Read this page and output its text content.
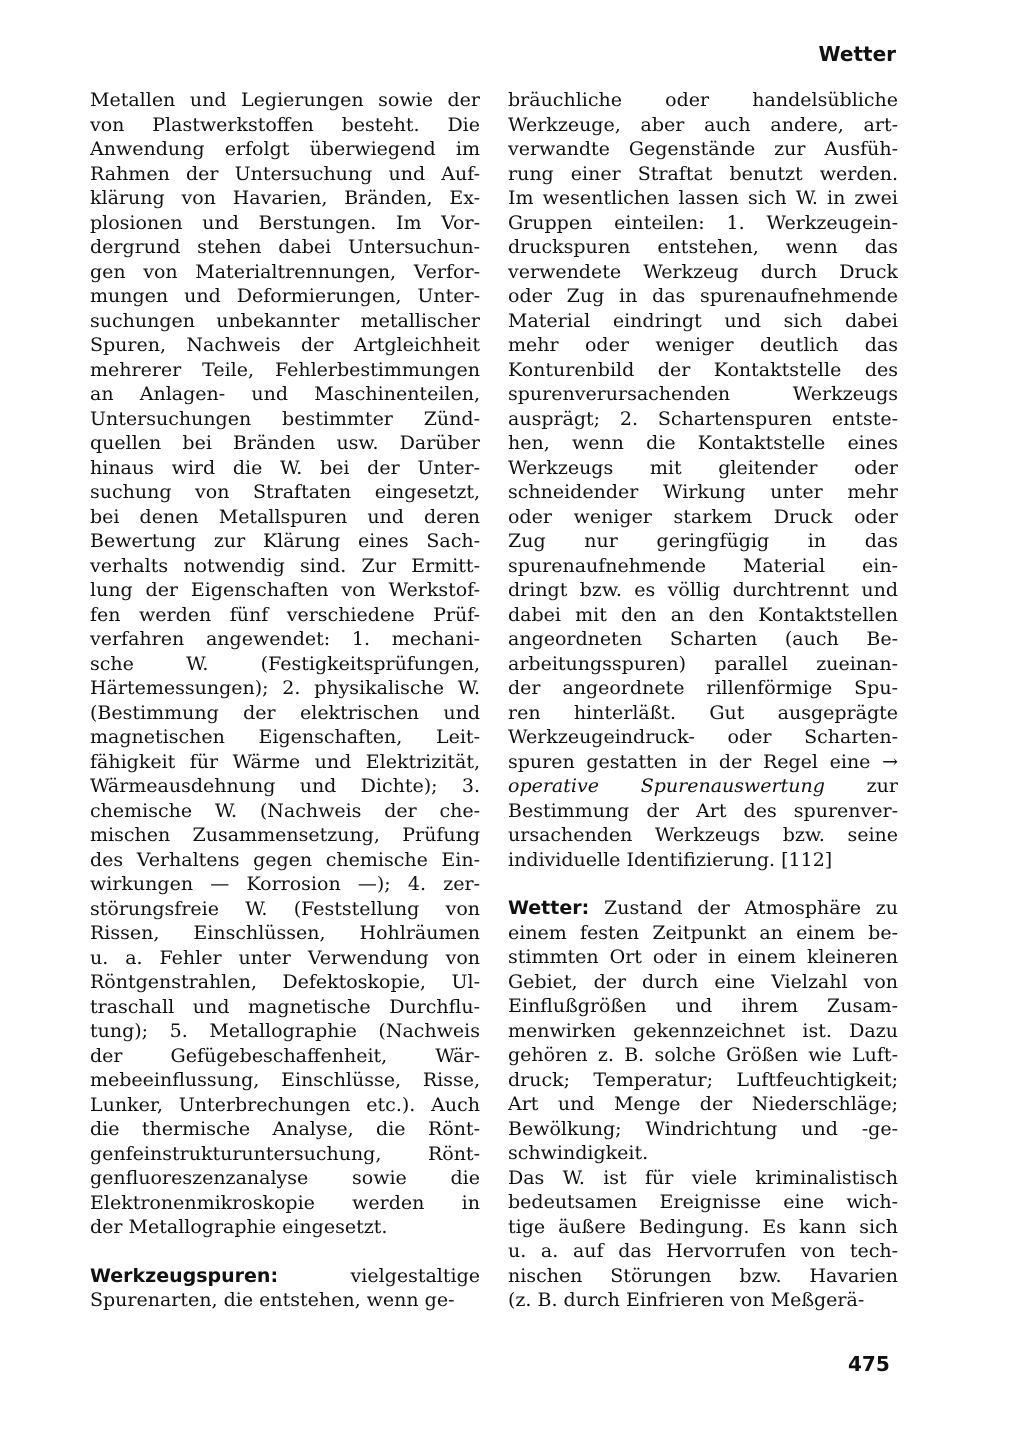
Wetter
Metallen und Legierungen sowie der
von Plastwerkstoffen besteht. Die
Anwendung erfolgt überwiegend im
Rahmen der Untersuchung und Auf-
klärung von Havarien, Bränden, Ex-
plosionen und Berstungen. Im Vor-
dergrund stehen dabei Untersuchun-
gen von Materialtrennungen, Verfor-
mungen und Deformierungen, Unter-
suchungen unbekannter metallischer
Spuren, Nachweis der Artgleichheit
mehrerer Teile, Fehlerbestimmungen
an Anlagen- und Maschinenteilen,
Untersuchungen bestimmter Zünd-
quellen bei Bränden usw. Darüber
hinaus wird die W. bei der Unter-
suchung von Straftaten eingesetzt,
bei denen Metallspuren und deren
Bewertung zur Klärung eines Sach-
verhalts notwendig sind. Zur Ermitt-
lung der Eigenschaften von Werkstof-
fen werden fünf verschiedene Prüf-
verfahren angewendet: 1. mechani-
sche W. (Festigkeitsprüfungen,
Härtemessungen); 2. physikalische W.
(Bestimmung der elektrischen und
magnetischen Eigenschaften, Leit-
fähigkeit für Wärme und Elektrizität,
Wärmeausdehnung und Dichte); 3.
chemische W. (Nachweis der che-
mischen Zusammensetzung, Prüfung
des Verhaltens gegen chemische Ein-
wirkungen — Korrosion —); 4. zer-
störungsfreie W. (Feststellung von
Rissen, Einschlüssen, Hohlräumen
u. a. Fehler unter Verwendung von
Röntgenstrahlen, Defektoskopie, Ul-
traschall und magnetische Durchflu-
tung); 5. Metallographie (Nachweis
der Gefügebeschaffenheit, Wär-
mebeeinflussung, Einschlüsse, Risse,
Lunker, Unterbrechungen etc.). Auch
die thermische Analyse, die Rönt-
genfeinstrukturuntersuchung, Rönt-
genfluoreszenzanalyse sowie die
Elektronenmikroskopie werden in
der Metallographie eingesetzt.
Werkzeugspuren:	vielgestaltige
Spurenarten, die entstehen, wenn ge-
bräuchliche oder handelsübliche
Werkzeuge, aber auch andere, art-
verwandte Gegenstände zur Ausfüh-
rung einer Straftat benutzt werden.
Im wesentlichen lassen sich W. in zwei
Gruppen einteilen: 1. Werkzeugein-
druckspuren entstehen, wenn das
verwendete Werkzeug durch Druck
oder Zug in das spurenaufnehmende
Material eindringt und sich dabei
mehr oder weniger deutlich das
Konturenbild der Kontaktstelle des
spurenverursachenden Werkzeugs
ausprägt; 2. Schartenspuren entste-
hen, wenn die Kontaktstelle eines
Werkzeugs mit gleitender oder
schneidender Wirkung unter mehr
oder weniger starkem Druck oder
Zug nur geringfügig in das
spurenaufnehmende Material ein-
dringt bzw. es völlig durchtrennt und
dabei mit den an den Kontaktstellen
angeordneten Scharten (auch Be-
arbeitungsspuren) parallel zueinan-
der angeordnete rillenförmige Spu-
ren hinterläßt. Gut ausgeprägte
Werkzeugeindruck- oder Scharten-
spuren gestatten in der Regel eine →
operative Spurenauswertung zur
Bestimmung der Art des spurenver-
ursachenden Werkzeugs bzw. seine
individuelle Identifizierung. [112]
Wetter: Zustand der Atmosphäre zu
einem festen Zeitpunkt an einem be-
stimmten Ort oder in einem kleineren
Gebiet, der durch eine Vielzahl von
Einflußgrößen und ihrem Zusam-
menwirken gekennzeichnet ist. Dazu
gehören z. B. solche Größen wie Luft-
druck; Temperatur; Luftfeuchtigkeit;
Art und Menge der Niederschläge;
Bewölkung; Windrichtung und -ge-
schwindigkeit.
Das W. ist für viele kriminalistisch
bedeutsamen Ereignisse eine wich-
tige äußere Bedingung. Es kann sich
u. a. auf das Hervorrufen von tech-
nischen Störungen bzw. Havarien
(z. B. durch Einfrieren von Meßgerä-
475
